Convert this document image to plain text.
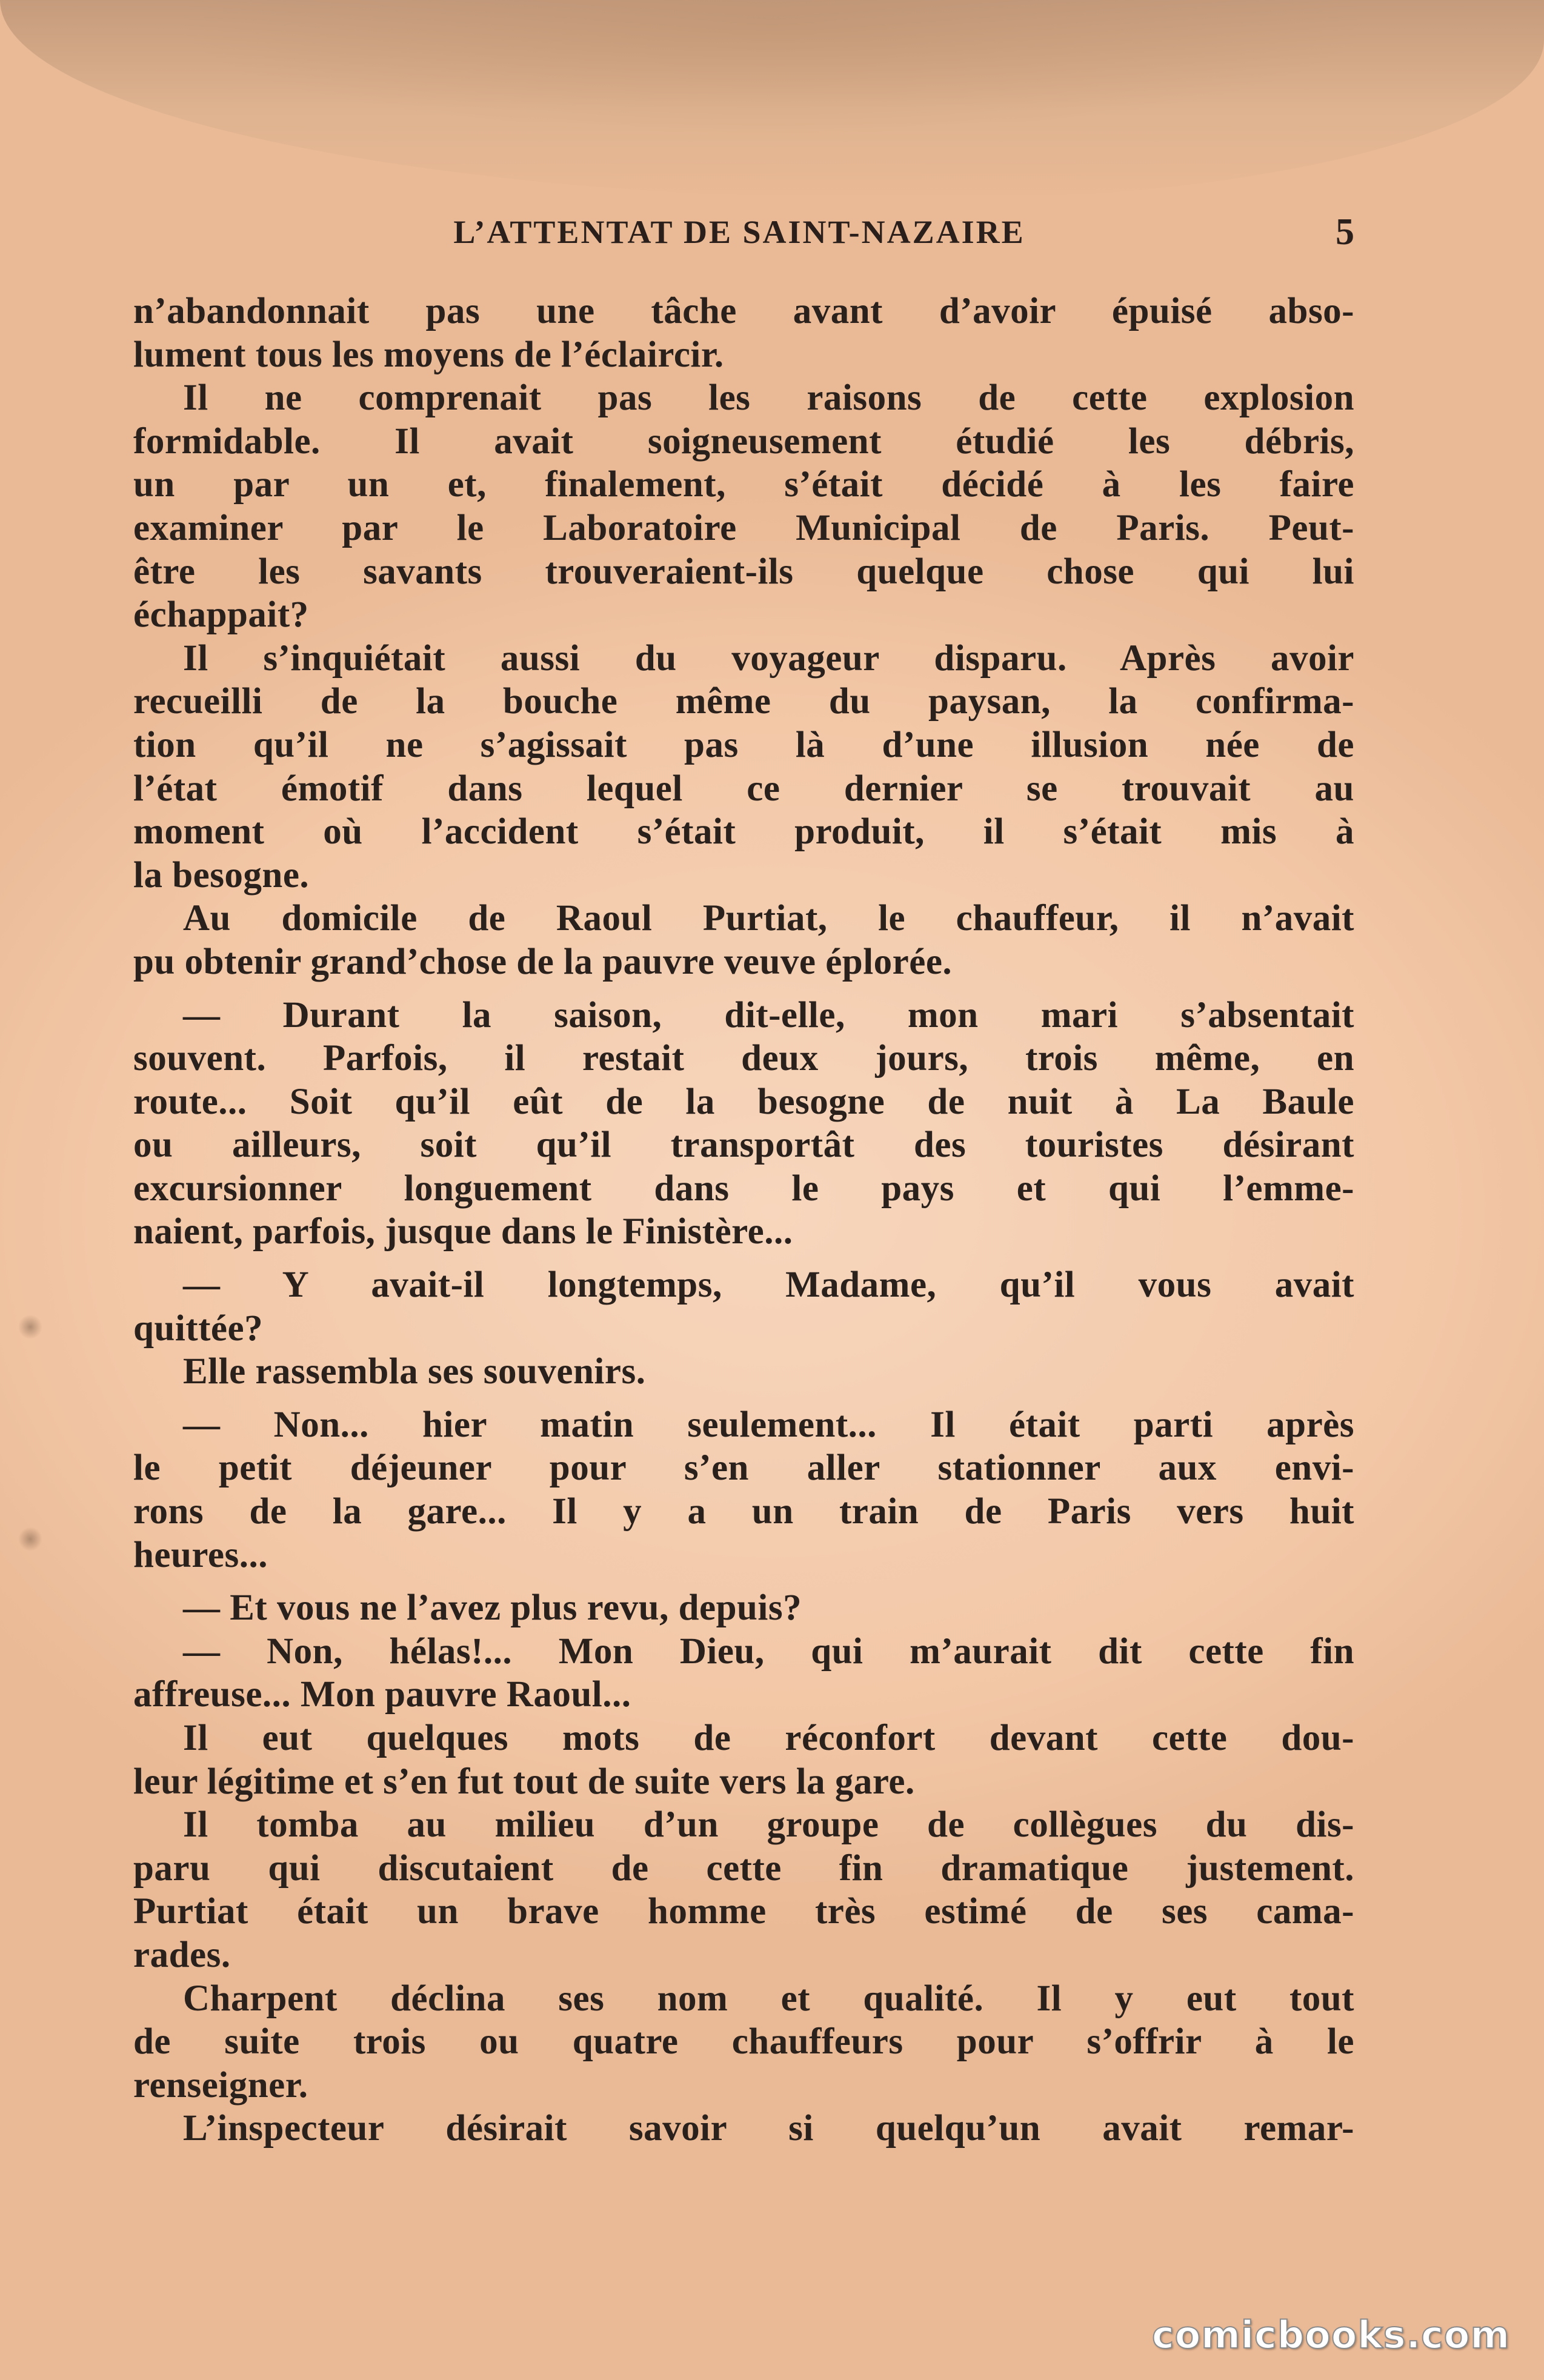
L’ATTENTAT DE SAINT-NAZAIRE	5
n’abandonnait pas une tâche avant d’avoir épuisé abso-
lument tous les moyens de l’éclaircir.
Il ne comprenait pas les raisons de cette explosion
formidable. Il avait soigneusement étudié les débris,
un par un et, finalement, s’était décidé à les faire
examiner par le Laboratoire Municipal de Paris. Peut-
être les savants trouveraient-ils quelque chose qui lui
échappait?
Il s’inquiétait aussi du voyageur disparu. Après avoir
recueilli de la bouche même du paysan, la confirma-
tion qu’il ne s’agissait pas là d’une illusion née de
l’état émotif dans lequel ce dernier se trouvait au
moment où l’accident s’était produit, il s’était mis à
la besogne.
Au domicile de Raoul Purtiat, le chauffeur, il n’avait
pu obtenir grand’chose de la pauvre veuve éplorée.
— Durant la saison, dit-elle, mon mari s’absentait
souvent. Parfois, il restait deux jours, trois même, en
route... Soit qu’il eût de la besogne de nuit à La Baule
ou ailleurs, soit qu’il transportât des touristes désirant
excursionner longuement dans le pays et qui l’emme-
naient, parfois, jusque dans le Finistère...
— Y avait-il longtemps, Madame, qu’il vous avait
quittée?
Elle rassembla ses souvenirs.
— Non... hier matin seulement... Il était parti après
le petit déjeuner pour s’en aller stationner aux envi-
rons de la gare... Il y a un train de Paris vers huit
heures...
— Et vous ne l’avez plus revu, depuis?
— Non, hélas!... Mon Dieu, qui m’aurait dit cette fin
affreuse... Mon pauvre Raoul...
Il eut quelques mots de réconfort devant cette dou-
leur légitime et s’en fut tout de suite vers la gare.
Il tomba au milieu d’un groupe de collègues du dis-
paru qui discutaient de cette fin dramatique justement.
Purtiat était un brave homme très estimé de ses cama-
rades.
Charpent déclina ses nom et qualité. Il y eut tout
de suite trois ou quatre chauffeurs pour s’offrir à le
renseigner.
L’inspecteur désirait savoir si quelqu’un avait remar-
comicbooks.com
